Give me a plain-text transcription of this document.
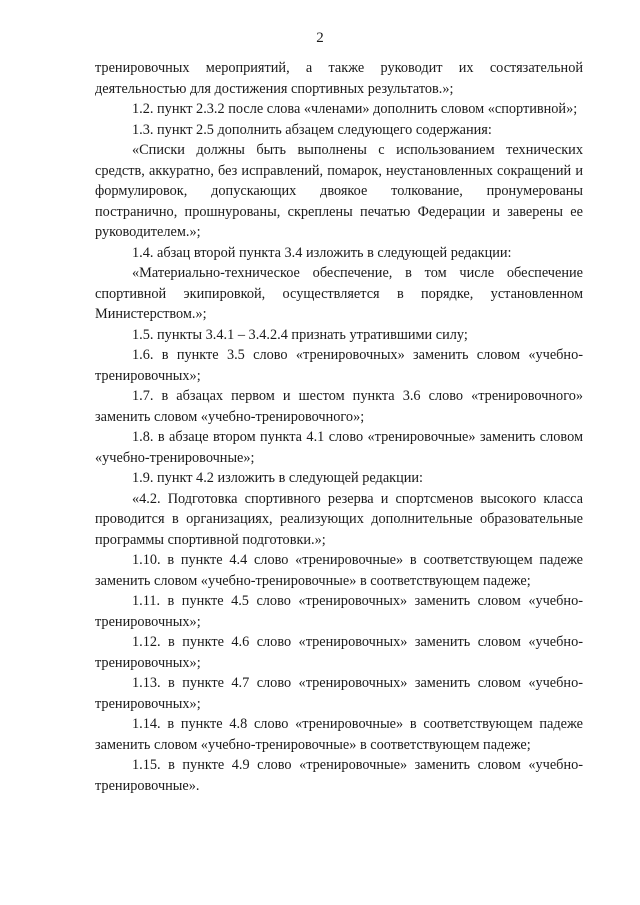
2

тренировочных мероприятий, а также руководит их состязательной деятельностью для достижения спортивных результатов.»;

1.2. пункт 2.3.2 после слова «членами» дополнить словом «спортивной»;

1.3. пункт 2.5 дополнить абзацем следующего содержания:

«Списки должны быть выполнены с использованием технических средств, аккуратно, без исправлений, помарок, неустановленных сокращений и формулировок, допускающих двоякое толкование, пронумерованы постранично, прошнурованы, скреплены печатью Федерации и заверены ее руководителем.»;

1.4. абзац второй пункта 3.4 изложить в следующей редакции:

«Материально-техническое обеспечение, в том числе обеспечение спортивной экипировкой, осуществляется в порядке, установленном Министерством.»;

1.5. пункты 3.4.1 – 3.4.2.4 признать утратившими силу;

1.6. в пункте 3.5 слово «тренировочных» заменить словом «учебно-тренировочных»;

1.7. в абзацах первом и шестом пункта 3.6 слово «тренировочного» заменить словом «учебно-тренировочного»;

1.8. в абзаце втором пункта 4.1 слово «тренировочные» заменить словом «учебно-тренировочные»;

1.9. пункт 4.2 изложить в следующей редакции:

«4.2. Подготовка спортивного резерва и спортсменов высокого класса проводится в организациях, реализующих дополнительные образовательные программы спортивной подготовки.»;

1.10. в пункте 4.4 слово «тренировочные» в соответствующем падеже заменить словом «учебно-тренировочные» в соответствующем падеже;

1.11. в пункте 4.5 слово «тренировочных» заменить словом «учебно-тренировочных»;

1.12. в пункте 4.6 слово «тренировочных» заменить словом «учебно-тренировочных»;

1.13. в пункте 4.7 слово «тренировочных» заменить словом «учебно-тренировочных»;

1.14. в пункте 4.8 слово «тренировочные» в соответствующем падеже заменить словом «учебно-тренировочные» в соответствующем падеже;

1.15. в пункте 4.9 слово «тренировочные» заменить словом «учебно-тренировочные».
